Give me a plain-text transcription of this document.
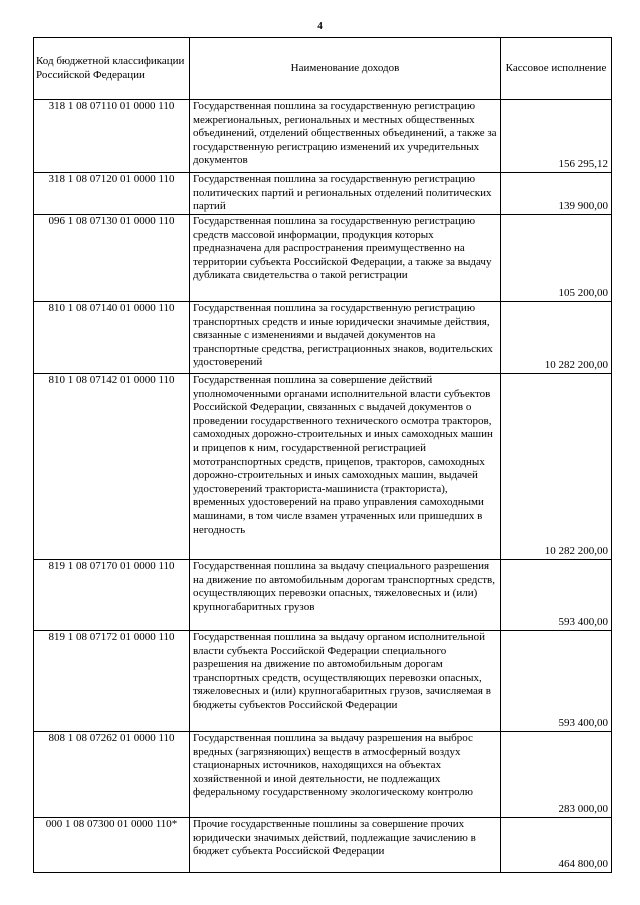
4
Код бюджетной классификации Российской Федерации	Наименование доходов	Кассовое исполнение
318 1 08 07110 01 0000 110	Государственная пошлина за государственную регистрацию межрегиональных, региональных и местных общественных объединений, отделений общественных объединений, а также за государственную регистрацию изменений их учредительных документов	156 295,12
318 1 08 07120 01 0000 110	Государственная пошлина за государственную регистрацию политических партий и региональных отделений политических партий	139 900,00
096 1 08 07130 01 0000 110	Государственная пошлина за государственную регистрацию средств массовой информации, продукция которых предназначена для распространения преимущественно на территории субъекта Российской Федерации, а также за выдачу дубликата свидетельства о такой регистрации	105 200,00
810 1 08 07140 01 0000 110	Государственная пошлина за государственную регистрацию транспортных средств и иные юридически значимые действия, связанные с изменениями и выдачей документов на транспортные средства, регистрационных знаков, водительских удостоверений	10 282 200,00
810 1 08 07142 01 0000 110	Государственная пошлина за совершение действий уполномоченными органами исполнительной власти субъектов Российской Федерации, связанных с выдачей документов о проведении государственного технического осмотра тракторов, самоходных дорожно-строительных и иных самоходных машин и прицепов к ним, государственной регистрацией мототранспортных средств, прицепов, тракторов, самоходных дорожно-строительных и иных самоходных машин, выдачей удостоверений тракториста-машиниста (тракториста), временных удостоверений на право управления самоходными машинами, в том числе взамен утраченных или пришедших в негодность	10 282 200,00
819 1 08 07170 01 0000 110	Государственная пошлина за выдачу специального разрешения на движение по автомобильным дорогам транспортных средств, осуществляющих перевозки опасных, тяжеловесных и (или) крупногабаритных грузов	593 400,00
819 1 08 07172 01 0000 110	Государственная пошлина за выдачу органом исполнительной власти субъекта Российской Федерации специального разрешения на движение по автомобильным дорогам транспортных средств, осуществляющих перевозки опасных, тяжеловесных и (или) крупногабаритных грузов, зачисляемая в бюджеты субъектов Российской Федерации	593 400,00
808 1 08 07262 01 0000 110	Государственная пошлина за выдачу разрешения на выброс вредных (загрязняющих) веществ в атмосферный воздух стационарных источников, находящихся на объектах хозяйственной и иной деятельности, не подлежащих федеральному государственному экологическому контролю	283 000,00
000 1 08 07300 01 0000 110*	Прочие государственные пошлины за совершение прочих юридически значимых действий, подлежащие зачислению в бюджет субъекта Российской Федерации	464 800,00
